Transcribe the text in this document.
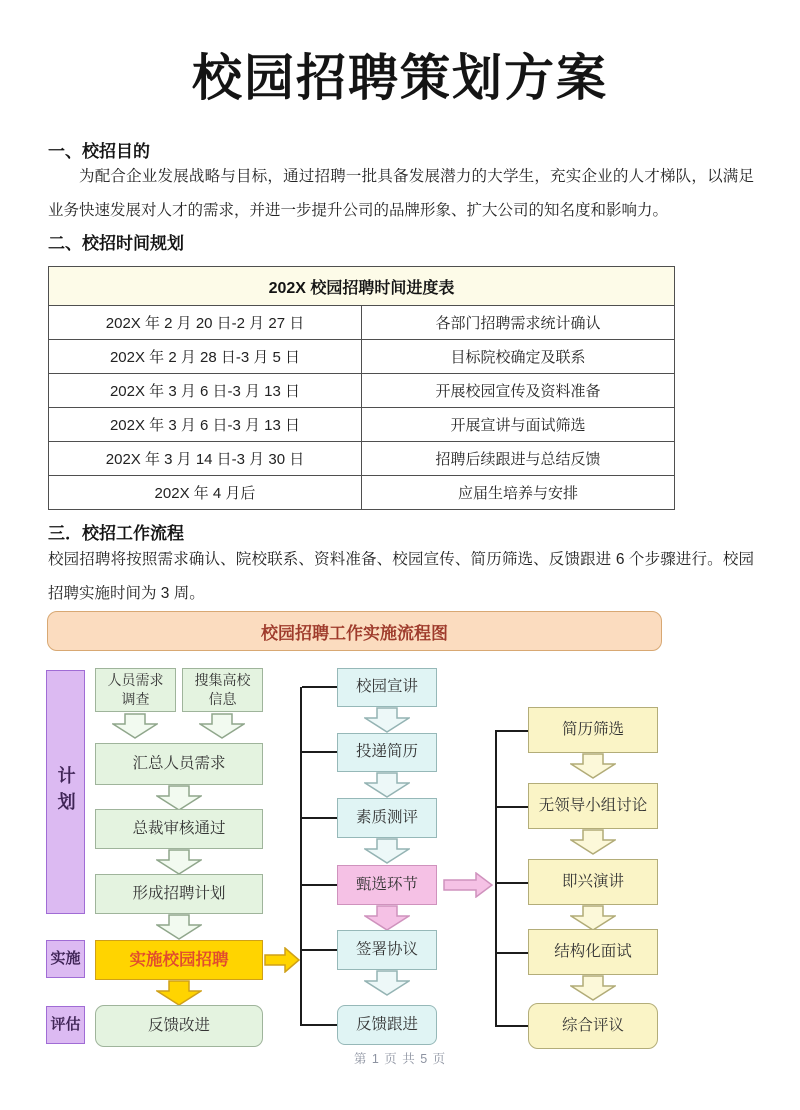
校园招聘策划方案
一、校招目的
为配合企业发展战略与目标，通过招聘一批具备发展潜力的大学生，充实企业的人才梯队，以满足业务快速发展对人才的需求，并进一步提升公司的品牌形象、扩大公司的知名度和影响力。
二、校招时间规划
202X 校园招聘时间进度表	
202X 年 2 月 20 日-2 月 27 日	各部门招聘需求统计确认
202X 年 2 月 28 日-3 月 5 日	目标院校确定及联系
202X 年 3 月 6 日-3 月 13 日	开展校园宣传及资料准备
202X 年 3 月 6 日-3 月 13 日	开展宣讲与面试筛选
202X 年 3 月 14 日-3 月 30 日	招聘后续跟进与总结反馈
202X 年 4 月后	应届生培养与安排
三．校招工作流程
校园招聘将按照需求确认、院校联系、资料准备、校园宣传、简历筛选、反馈跟进 6 个步骤进行。校园招聘实施时间为 3 周。
校园招聘工作实施流程图
计划
实施
评估
人员需求调查
搜集高校信息
汇总人员需求
总裁审核通过
形成招聘计划
实施校园招聘
反馈改进
校园宣讲
投递简历
素质测评
甄选环节
签署协议
反馈跟进
简历筛选
无领导小组讨论
即兴演讲
结构化面试
综合评议
第 1 页 共 5 页
